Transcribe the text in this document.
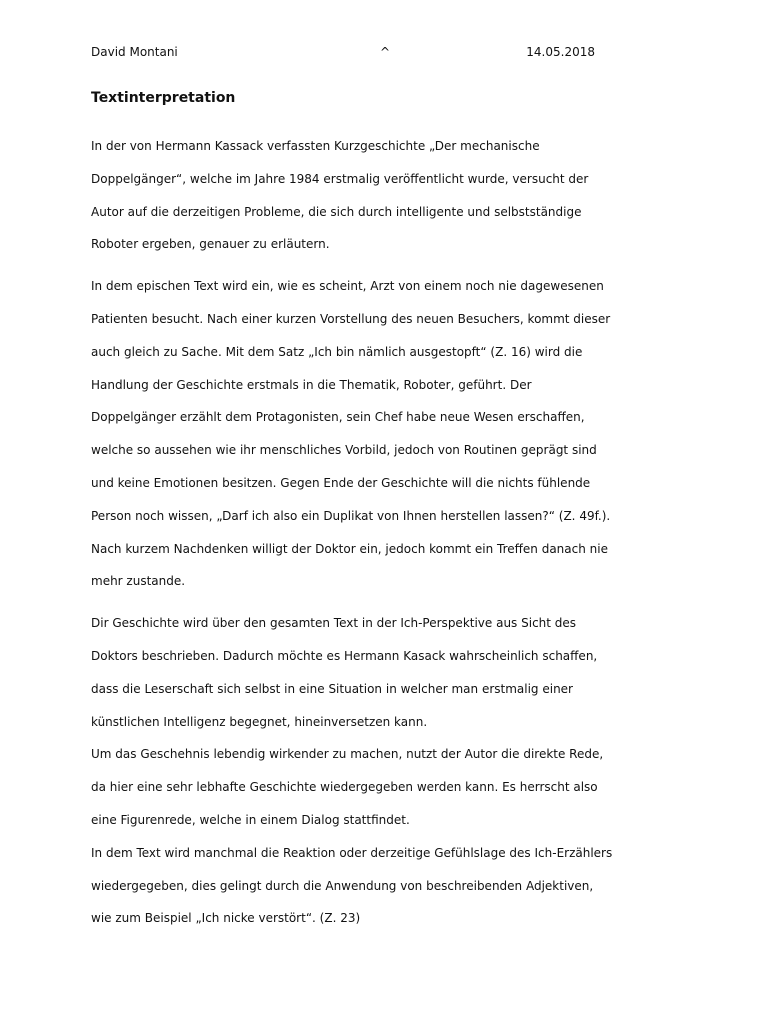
David Montani	^	14.05.2018
Textinterpretation
In der von Hermann Kassack verfassten Kurzgeschichte „Der mechanische
Doppelgänger“, welche im Jahre 1984 erstmalig veröffentlicht wurde, versucht der
Autor auf die derzeitigen Probleme, die sich durch intelligente und selbstständige
Roboter ergeben, genauer zu erläutern.
In dem epischen Text wird ein, wie es scheint, Arzt von einem noch nie dagewesenen
Patienten besucht. Nach einer kurzen Vorstellung des neuen Besuchers, kommt dieser
auch gleich zu Sache. Mit dem Satz „Ich bin nämlich ausgestopft“ (Z. 16) wird die
Handlung der Geschichte erstmals in die Thematik, Roboter, geführt. Der
Doppelgänger erzählt dem Protagonisten, sein Chef habe neue Wesen erschaffen,
welche so aussehen wie ihr menschliches Vorbild, jedoch von Routinen geprägt sind
und keine Emotionen besitzen. Gegen Ende der Geschichte will die nichts fühlende
Person noch wissen, „Darf ich also ein Duplikat von Ihnen herstellen lassen?“ (Z. 49f.).
Nach kurzem Nachdenken willigt der Doktor ein, jedoch kommt ein Treffen danach nie
mehr zustande.
Dir Geschichte wird über den gesamten Text in der Ich-Perspektive aus Sicht des
Doktors beschrieben. Dadurch möchte es Hermann Kasack wahrscheinlich schaffen,
dass die Leserschaft sich selbst in eine Situation in welcher man erstmalig einer
künstlichen Intelligenz begegnet, hineinversetzen kann.
Um das Geschehnis lebendig wirkender zu machen, nutzt der Autor die direkte Rede,
da hier eine sehr lebhafte Geschichte wiedergegeben werden kann. Es herrscht also
eine Figurenrede, welche in einem Dialog stattfindet.
In dem Text wird manchmal die Reaktion oder derzeitige Gefühlslage des Ich-Erzählers
wiedergegeben, dies gelingt durch die Anwendung von beschreibenden Adjektiven,
wie zum Beispiel „Ich nicke verstört“. (Z. 23)
